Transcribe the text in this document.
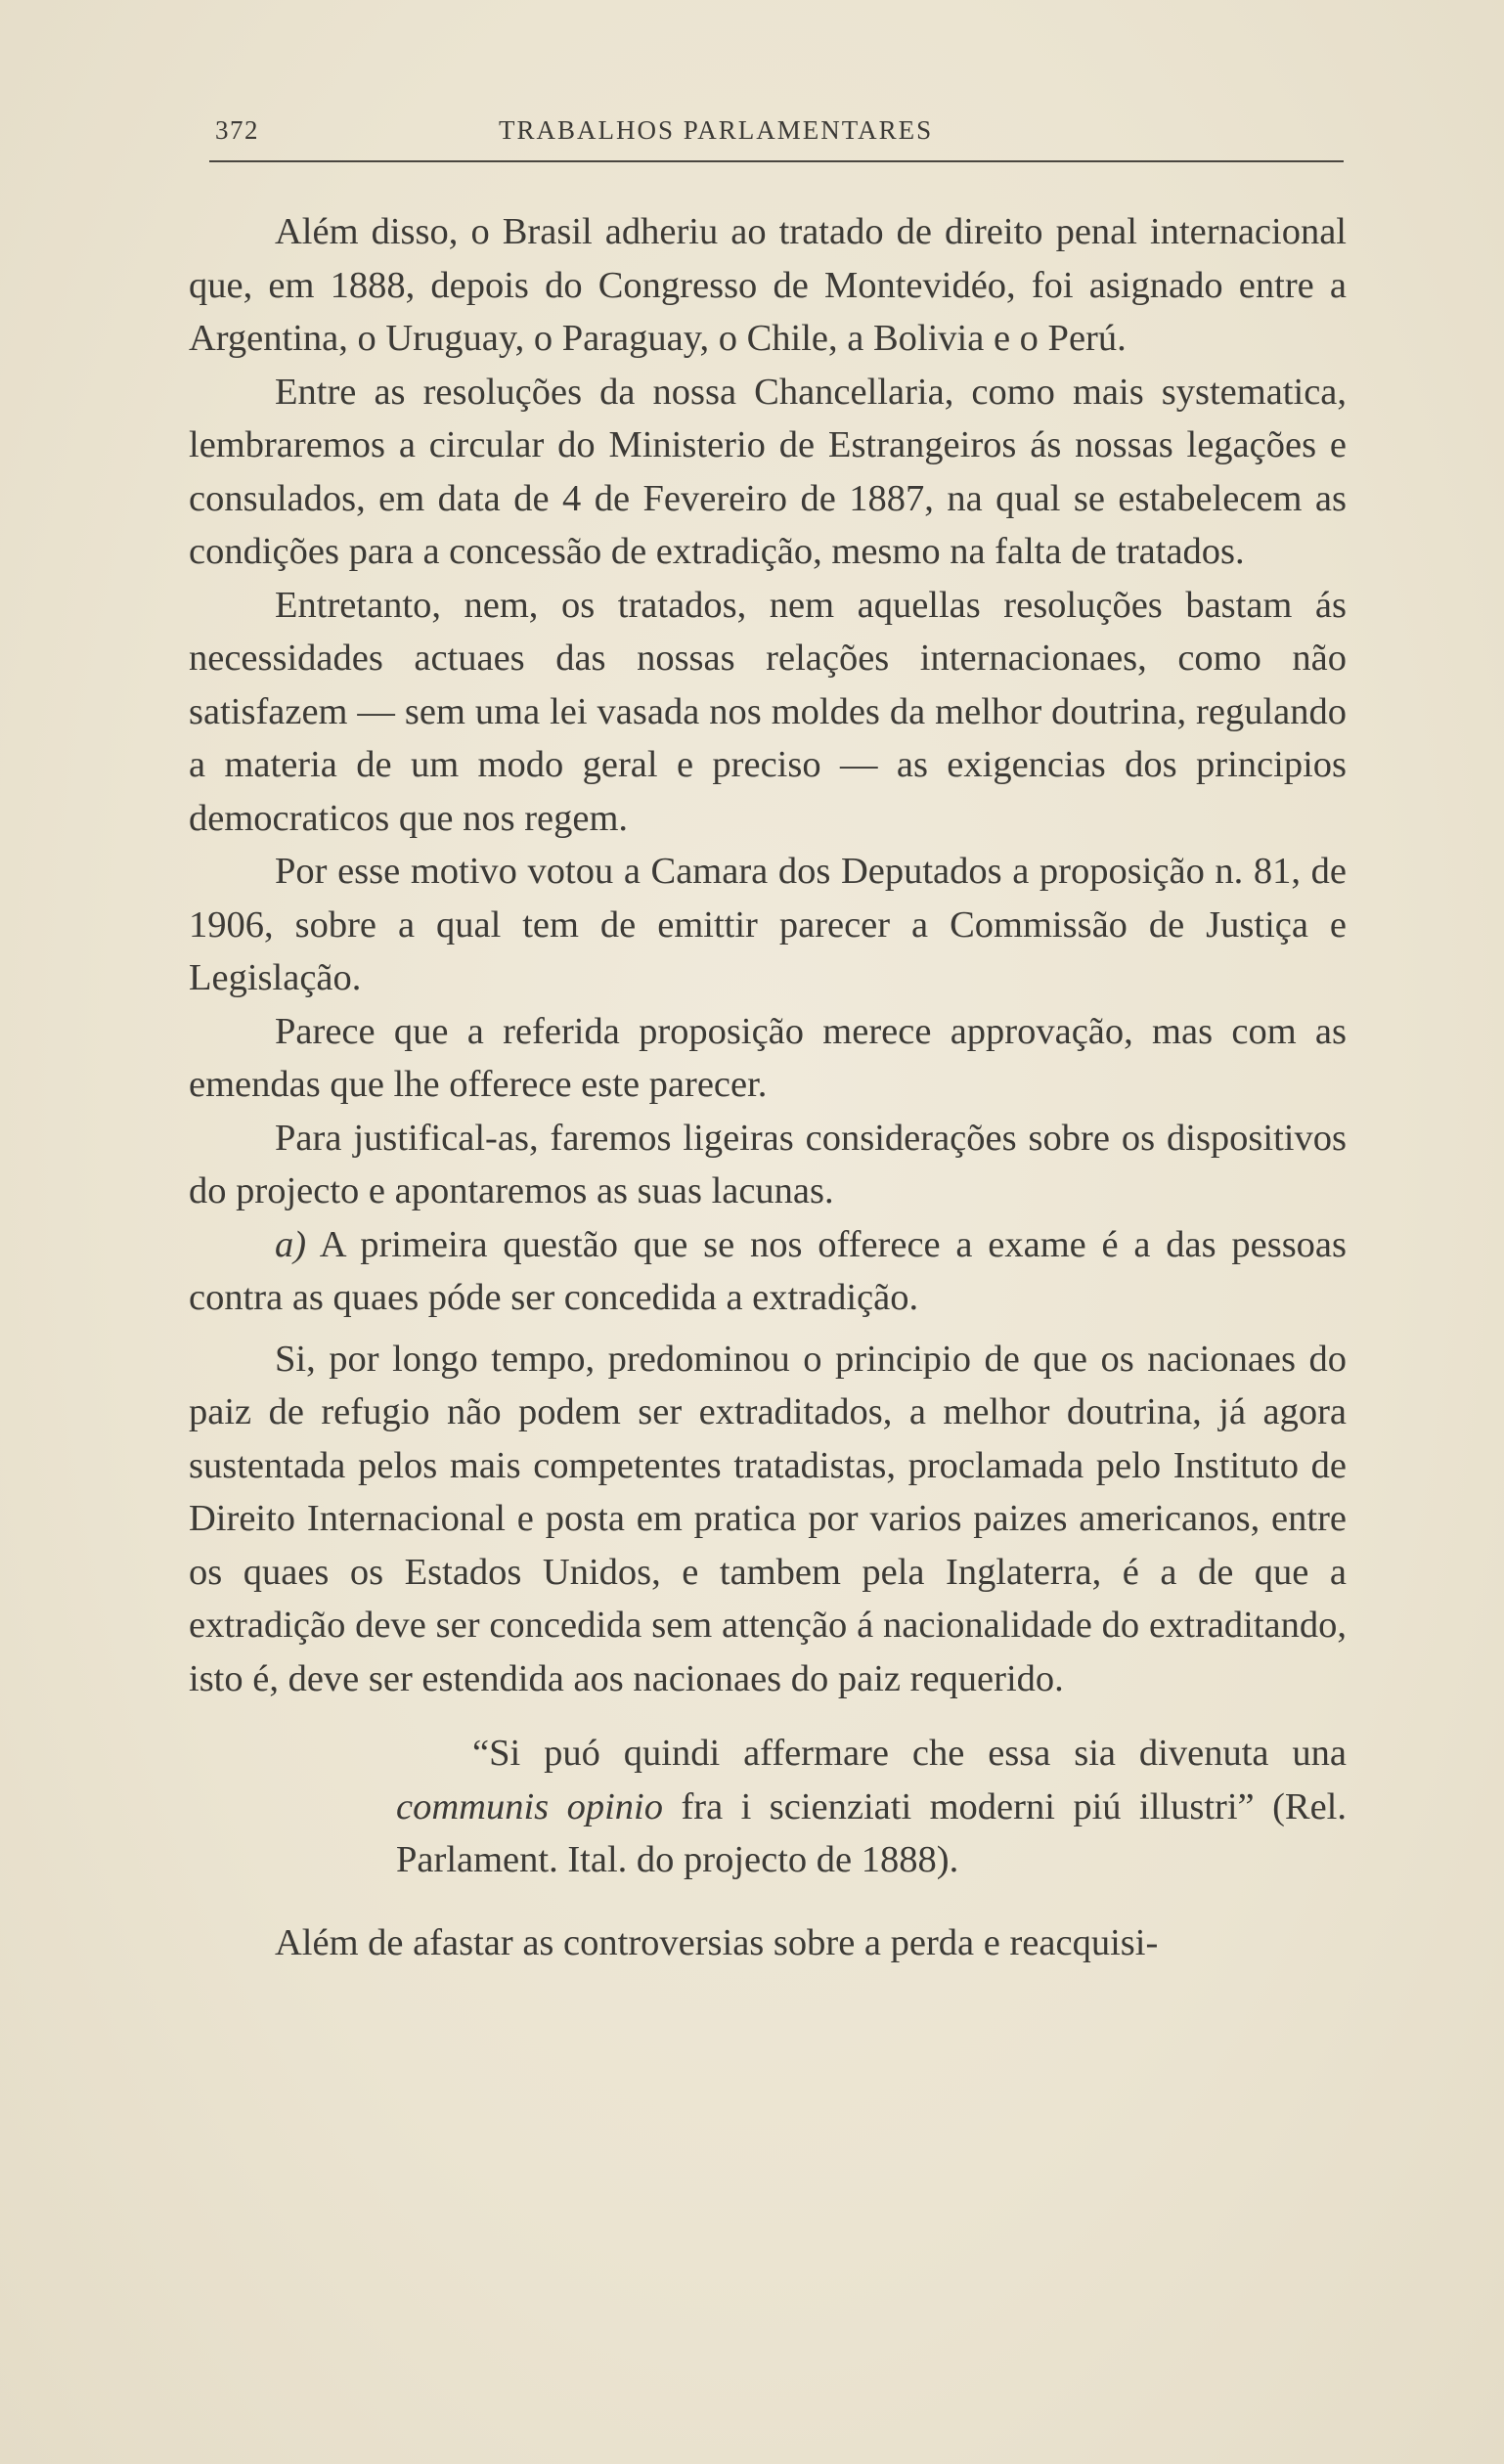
372	TRABALHOS PARLAMENTARES

Além disso, o Brasil adheriu ao tratado de direito penal internacional que, em 1888, depois do Congresso de Montevidéo, foi asignado entre a Argentina, o Uruguay, o Paraguay, o Chile, a Bolivia e o Perú.

Entre as resoluções da nossa Chancellaria, como mais systematica, lembraremos a circular do Ministerio de Estrangeiros ás nossas legações e consulados, em data de 4 de Fevereiro de 1887, na qual se estabelecem as condições para a concessão de extradição, mesmo na falta de tratados.

Entretanto, nem, os tratados, nem aquellas resoluções bastam ás necessidades actuaes das nossas relações internacionaes, como não satisfazem — sem uma lei vasada nos moldes da melhor doutrina, regulando a materia de um modo geral e preciso — as exigencias dos principios democraticos que nos regem.

Por esse motivo votou a Camara dos Deputados a proposição n. 81, de 1906, sobre a qual tem de emittir parecer a Commissão de Justiça e Legislação.

Parece que a referida proposição merece approvação, mas com as emendas que lhe offerece este parecer.

Para justifical-as, faremos ligeiras considerações sobre os dispositivos do projecto e apontaremos as suas lacunas.

a) A primeira questão que se nos offerece a exame é a das pessoas contra as quaes póde ser concedida a extradição.

Si, por longo tempo, predominou o principio de que os nacionaes do paiz de refugio não podem ser extraditados, a melhor doutrina, já agora sustentada pelos mais competentes tratadistas, proclamada pelo Instituto de Direito Internacional e posta em pratica por varios paizes americanos, entre os quaes os Estados Unidos, e tambem pela Inglaterra, é a de que a extradição deve ser concedida sem attenção á nacionalidade do extraditando, isto é, deve ser estendida aos nacionaes do paiz requerido.

“Si puó quindi affermare che essa sia divenuta una communis opinio fra i scienziati moderni piú illustri” (Rel. Parlament. Ital. do projecto de 1888).

Além de afastar as controversias sobre a perda e reacquisi-
